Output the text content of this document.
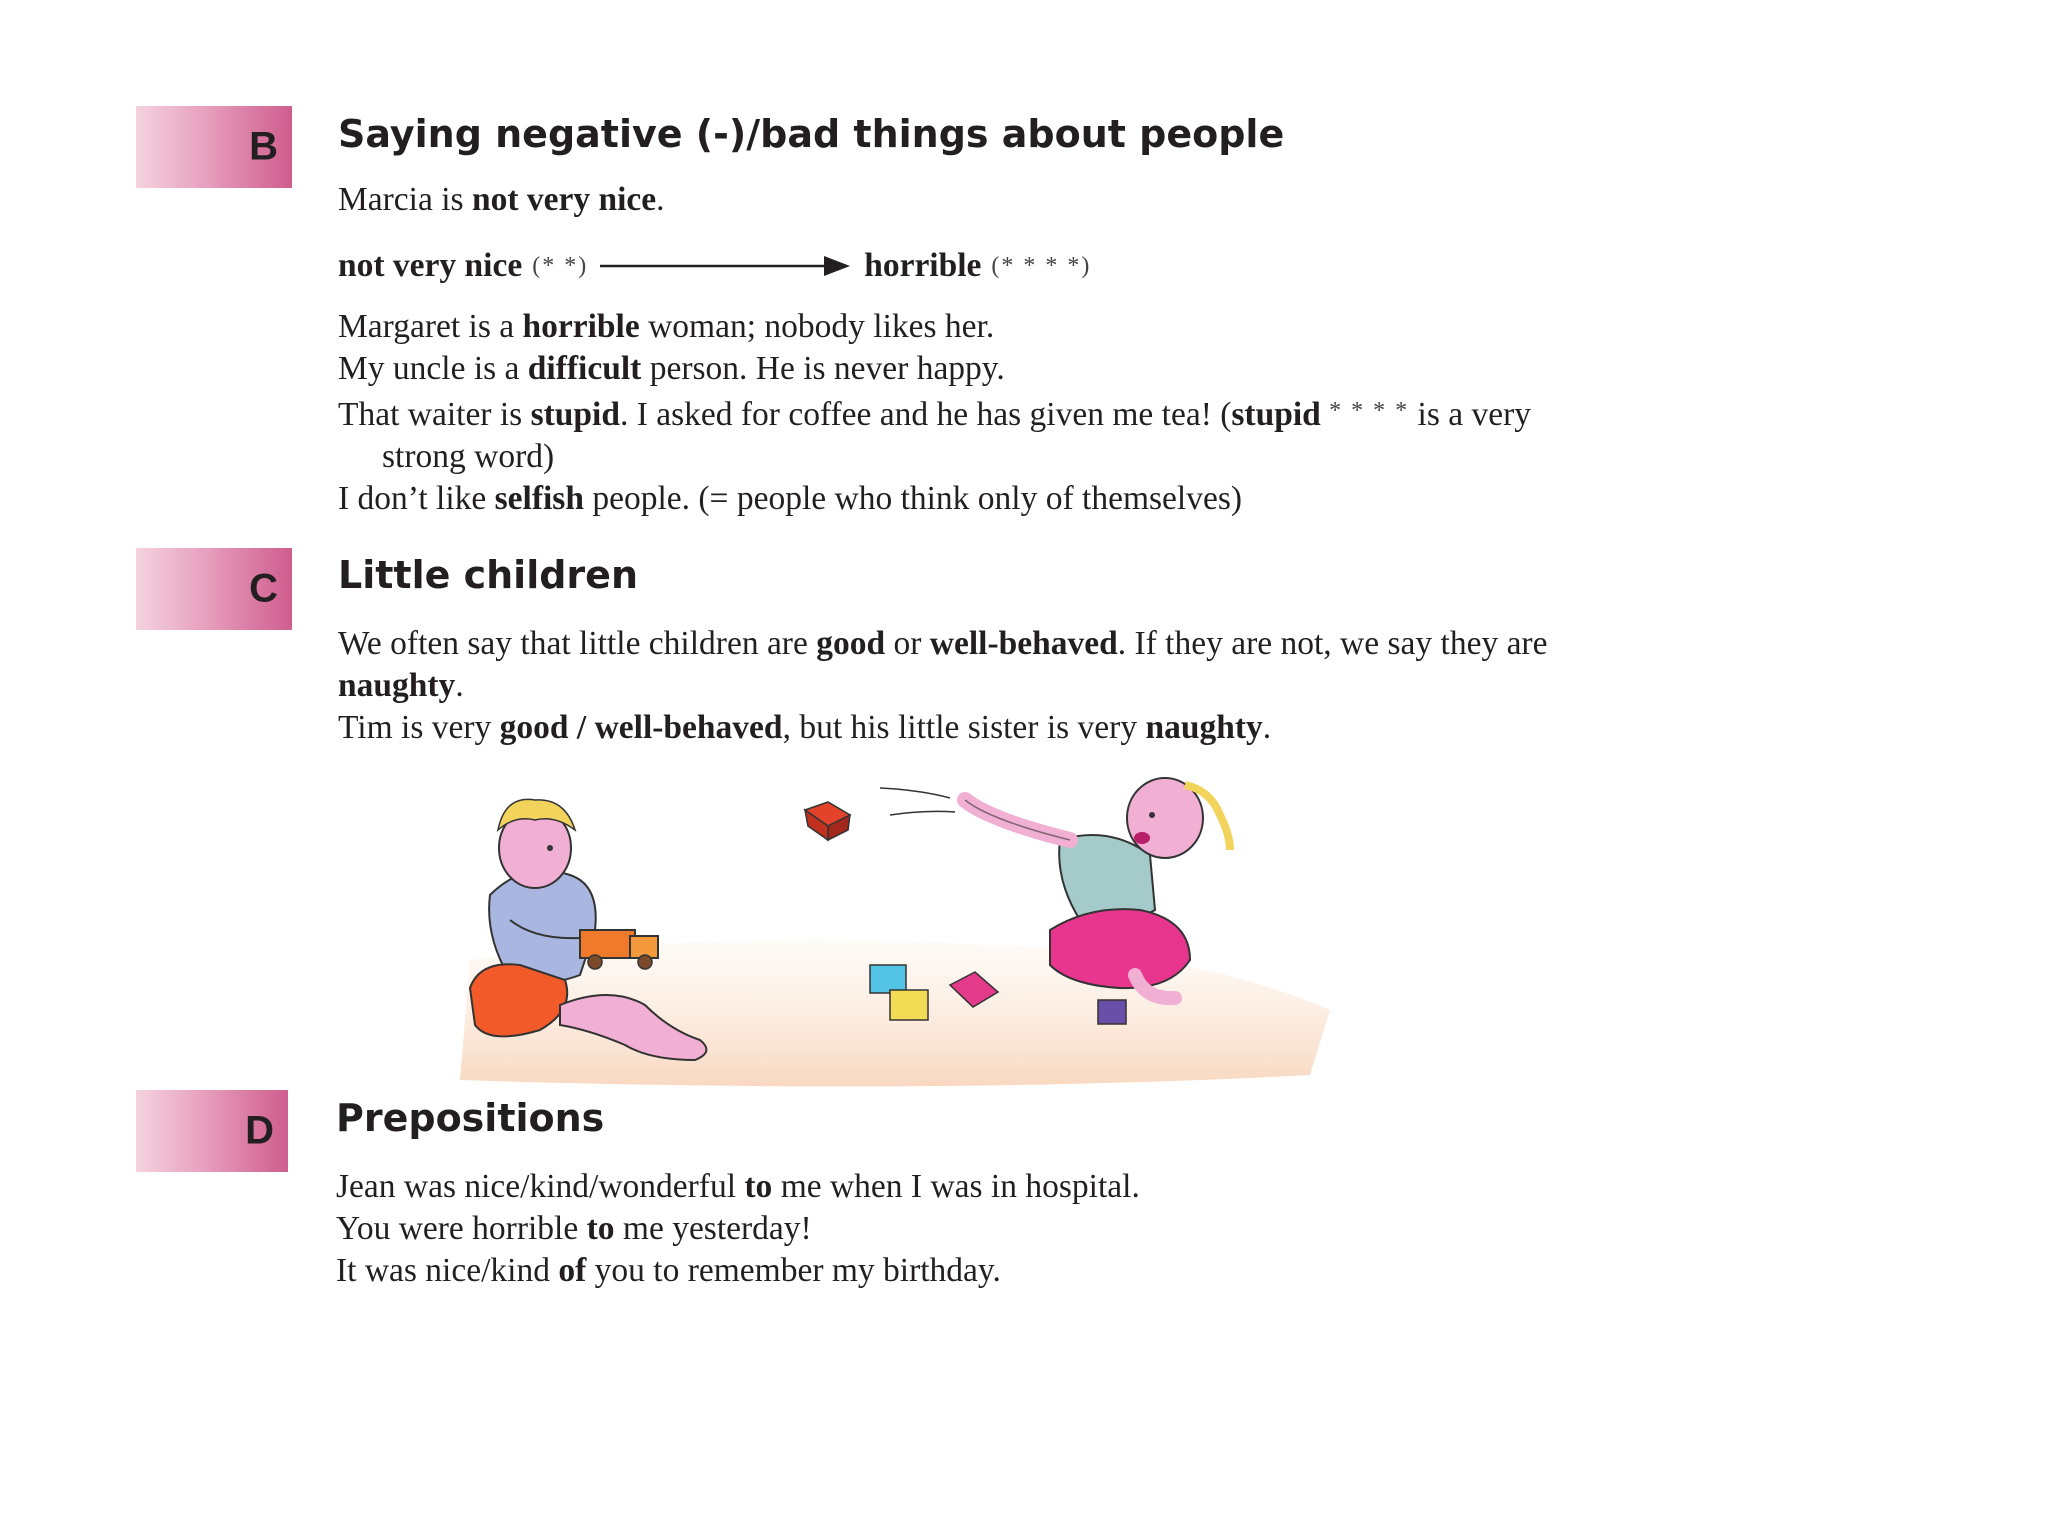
B Saying negative (-)/bad things about people
Marcia is not very nice.
not very nice (* *)	horrible (* * * *)
Margaret is a horrible woman; nobody likes her.
My uncle is a difficult person. He is never happy.
That waiter is stupid. I asked for coffee and he has given me tea! (stupid * * * * is a very
strong word)
I don’t like selfish people. (= people who think only of themselves)
C Little children
We often say that little children are good or well-behaved. If they are not, we say they are
naughty.
Tim is very good / well-behaved, but his little sister is very naughty.
D Prepositions
Jean was nice/kind/wonderful to me when I was in hospital.
You were horrible to me yesterday!
It was nice/kind of you to remember my birthday.
